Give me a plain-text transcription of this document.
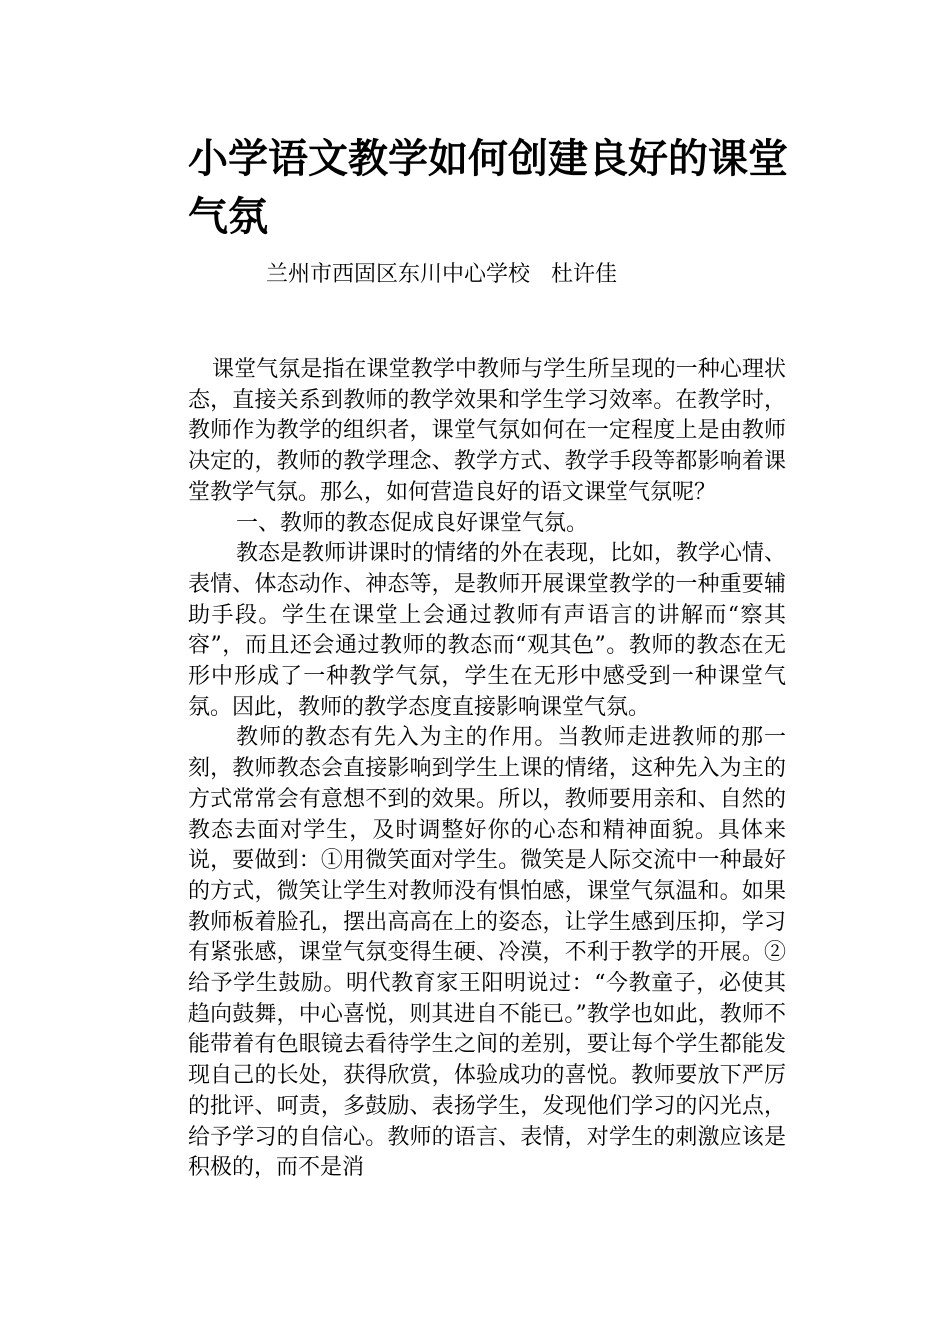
小学语文教学如何创建良好的课堂气氛
兰州市西固区东川中心学校   杜许佳

课堂气氛是指在课堂教学中教师与学生所呈现的一种心理状态，直接关系到教师的教学效果和学生学习效率。在教学时，教师作为教学的组织者，课堂气氛如何在一定程度上是由教师决定的，教师的教学理念、教学方式、教学手段等都影响着课堂教学气氛。那么，如何营造良好的语文课堂气氛呢？

一、教师的教态促成良好课堂气氛。

教态是教师讲课时的情绪的外在表现，比如，教学心情、表情、体态动作、神态等，是教师开展课堂教学的一种重要辅助手段。学生在课堂上会通过教师有声语言的讲解而“察其容”，而且还会通过教师的教态而“观其色”。教师的教态在无形中形成了一种教学气氛，学生在无形中感受到一种课堂气氛。因此，教师的教学态度直接影响课堂气氛。

教师的教态有先入为主的作用。当教师走进教师的那一刻，教师教态会直接影响到学生上课的情绪，这种先入为主的方式常常会有意想不到的效果。所以，教师要用亲和、自然的教态去面对学生，及时调整好你的心态和精神面貌。具体来说，要做到：①用微笑面对学生。微笑是人际交流中一种最好的方式，微笑让学生对教师没有惧怕感，课堂气氛温和。如果教师板着脸孔，摆出高高在上的姿态，让学生感到压抑，学习有紧张感，课堂气氛变得生硬、冷漠，不利于教学的开展。②给予学生鼓励。明代教育家王阳明说过：“今教童子，必使其趋向鼓舞，中心喜悦，则其进自不能已。”教学也如此，教师不能带着有色眼镜去看待学生之间的差别，要让每个学生都能发现自己的长处，获得欣赏，体验成功的喜悦。教师要放下严厉的批评、呵责，多鼓励、表扬学生，发现他们学习的闪光点，给予学习的自信心。教师的语言、表情，对学生的刺激应该是积极的，而不是消
